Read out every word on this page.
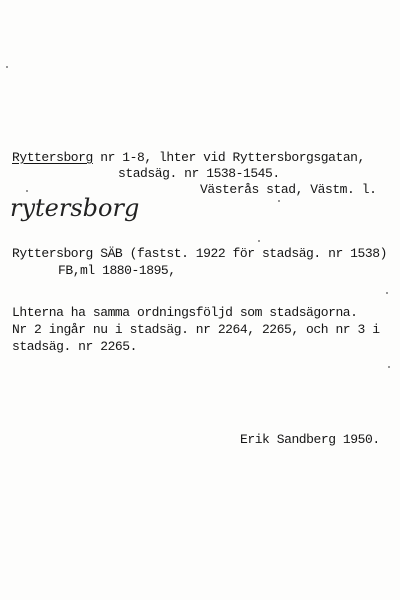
Ryttersborg nr 1-8, lhter vid Ryttersborgsgatan,
stadsäg. nr 1538-1545.
Västerås stad, Västm. l.
rytersborg
Ryttersborg SÄB (fastst. 1922 för stadsäg. nr 1538)
FB,ml 1880-1895,
Lhterna ha samma ordningsföljd som stadsägorna.
Nr 2 ingår nu i stadsäg. nr 2264, 2265, och nr 3 i
stadsäg. nr 2265.
Erik Sandberg 1950.
